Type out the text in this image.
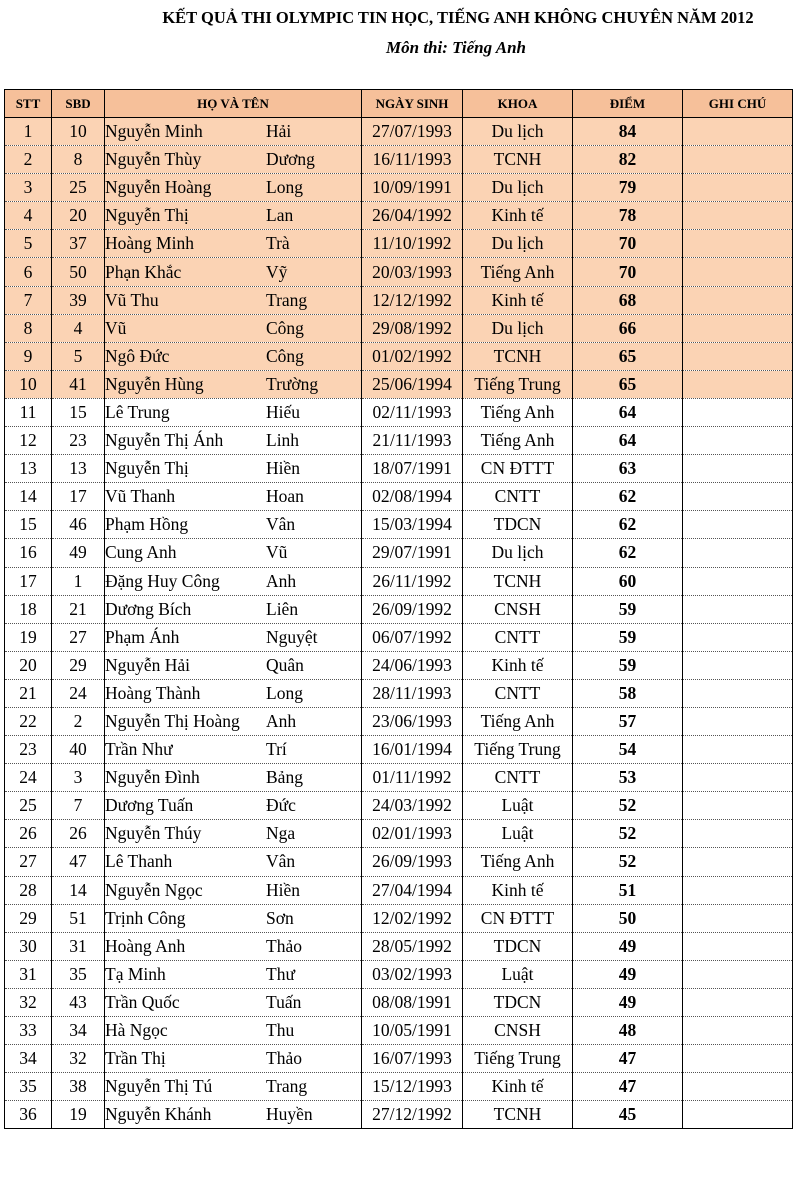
KẾT QUẢ THI OLYMPIC TIN HỌC, TIẾNG ANH KHÔNG CHUYÊN NĂM 2012
Môn thi: Tiếng Anh
STT	SBD	HỌ VÀ TÊN	NGÀY SINH	KHOA	ĐIỂM	GHI CHÚ
1	10	Nguyễn Minh Hải	27/07/1993	Du lịch	84	
2	8	Nguyễn Thùy Dương	16/11/1993	TCNH	82	
3	25	Nguyễn Hoàng Long	10/09/1991	Du lịch	79	
4	20	Nguyễn Thị Lan	26/04/1992	Kinh tế	78	
5	37	Hoàng Minh Trà	11/10/1992	Du lịch	70	
6	50	Phạn Khắc Vỹ	20/03/1993	Tiếng Anh	70	
7	39	Vũ Thu Trang	12/12/1992	Kinh tế	68	
8	4	Vũ Công	29/08/1992	Du lịch	66	
9	5	Ngô Đức Công	01/02/1992	TCNH	65	
10	41	Nguyễn Hùng Trường	25/06/1994	Tiếng Trung	65	
11	15	Lê Trung Hiếu	02/11/1993	Tiếng Anh	64	
12	23	Nguyễn Thị Ánh Linh	21/11/1993	Tiếng Anh	64	
13	13	Nguyễn Thị Hiền	18/07/1991	CN ĐTTT	63	
14	17	Vũ Thanh Hoan	02/08/1994	CNTT	62	
15	46	Phạm Hồng Vân	15/03/1994	TDCN	62	
16	49	Cung Anh Vũ	29/07/1991	Du lịch	62	
17	1	Đặng Huy Công Anh	26/11/1992	TCNH	60	
18	21	Dương Bích Liên	26/09/1992	CNSH	59	
19	27	Phạm Ánh Nguyệt	06/07/1992	CNTT	59	
20	29	Nguyễn Hải Quân	24/06/1993	Kinh tế	59	
21	24	Hoàng Thành Long	28/11/1993	CNTT	58	
22	2	Nguyễn Thị Hoàng Anh	23/06/1993	Tiếng Anh	57	
23	40	Trần Như Trí	16/01/1994	Tiếng Trung	54	
24	3	Nguyễn Đình Bảng	01/11/1992	CNTT	53	
25	7	Dương Tuấn Đức	24/03/1992	Luật	52	
26	26	Nguyễn Thúy Nga	02/01/1993	Luật	52	
27	47	Lê Thanh Vân	26/09/1993	Tiếng Anh	52	
28	14	Nguyễn Ngọc Hiền	27/04/1994	Kinh tế	51	
29	51	Trịnh Công Sơn	12/02/1992	CN ĐTTT	50	
30	31	Hoàng Anh Thảo	28/05/1992	TDCN	49	
31	35	Tạ Minh Thư	03/02/1993	Luật	49	
32	43	Trần Quốc Tuấn	08/08/1991	TDCN	49	
33	34	Hà Ngọc Thu	10/05/1991	CNSH	48	
34	32	Trần Thị Thảo	16/07/1993	Tiếng Trung	47	
35	38	Nguyễn Thị Tú Trang	15/12/1993	Kinh tế	47	
36	19	Nguyễn Khánh Huyền	27/12/1992	TCNH	45	
